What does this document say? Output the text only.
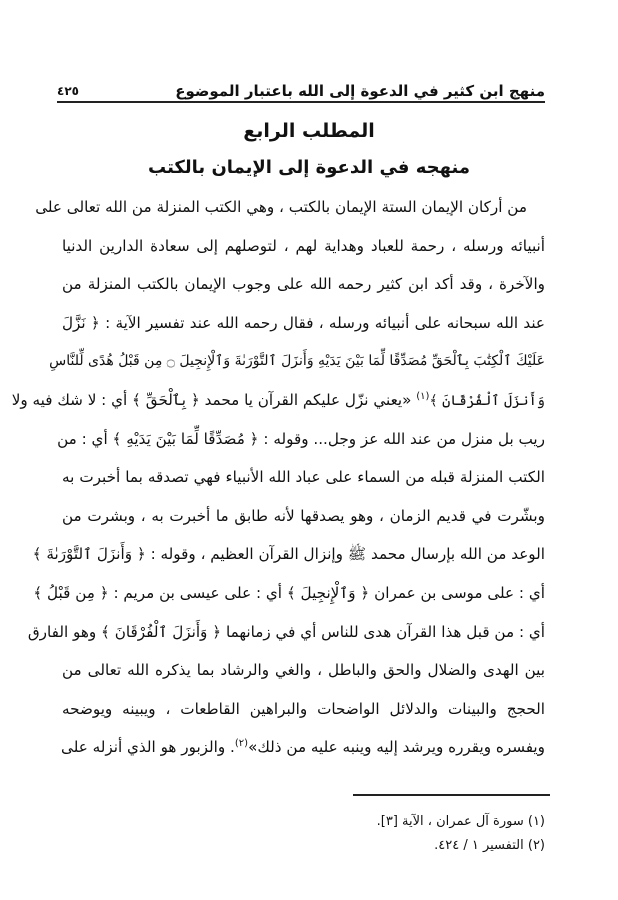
منهج ابن كثير في الدعوة إلى الله باعتبار الموضوع
٤٢٥
المطلب الرابع
منهجه في الدعوة إلى الإيمان بالكتب
من أركان الإيمان الستة الإيمان بالكتب ، وهي الكتب المنزلة من الله تعالى على
أنبيائه ورسله ، رحمة للعباد وهداية لهم ، لتوصلهم إلى سعادة الدارين الدنيا
والآخرة ، وقد أكد ابن كثير رحمه الله على وجوب الإيمان بالكتب المنزلة من
عند الله سبحانه على أنبيائه ورسله ، فقال رحمه الله عند تفسير الآية : ﴿ نَزَّلَ
عَلَيْكَ ٱلْكِتَٰبَ بِٱلْحَقِّ مُصَدِّقًا لِّمَا بَيْنَ يَدَيْهِ وَأَنزَلَ ٱلتَّوْرَىٰةَ وَٱلْإِنجِيلَ ۝ مِن قَبْلُ هُدًى لِّلنَّاسِ
وَأَنزَلَ ٱلْفُرْقَانَ ﴾$^{(١)}$ «يعني نزّل عليكم القرآن يا محمد ﴿ بِٱلْحَقِّ ﴾ أي : لا شك فيه ولا
ريب بل منزل من عند الله عز وجل... وقوله : ﴿ مُصَدِّقًا لِّمَا بَيْنَ يَدَيْهِ ﴾ أي : من
الكتب المنزلة قبله من السماء على عباد الله الأنبياء فهي تصدقه بما أخبرت به
وبشّرت في قديم الزمان ، وهو يصدقها لأنه طابق ما أخبرت به ، وبشرت من
الوعد من الله بإرسال محمد ﷺ وإنزال القرآن العظيم ، وقوله : ﴿ وَأَنزَلَ ٱلتَّوْرَىٰةَ ﴾
أي : على موسى بن عمران ﴿ وَٱلْإِنجِيلَ ﴾ أي : على عيسى بن مريم : ﴿ مِن قَبْلُ ﴾
أي : من قبل هذا القرآن هدى للناس أي في زمانهما ﴿ وَأَنزَلَ ٱلْفُرْقَانَ ﴾ وهو الفارق
بين الهدى والضلال والحق والباطل ، والغي والرشاد بما يذكره الله تعالى من
الحجج والبينات والدلائل الواضحات والبراهين القاطعات ، ويبينه ويوضحه
ويفسره ويقرره ويرشد إليه وينبه عليه من ذلك»$^{(٢)}$. والزبور هو الذي أنزله على
(١) سورة آل عمران ، الآية [٣].
(٢) التفسير ١ / ٤٢٤.
